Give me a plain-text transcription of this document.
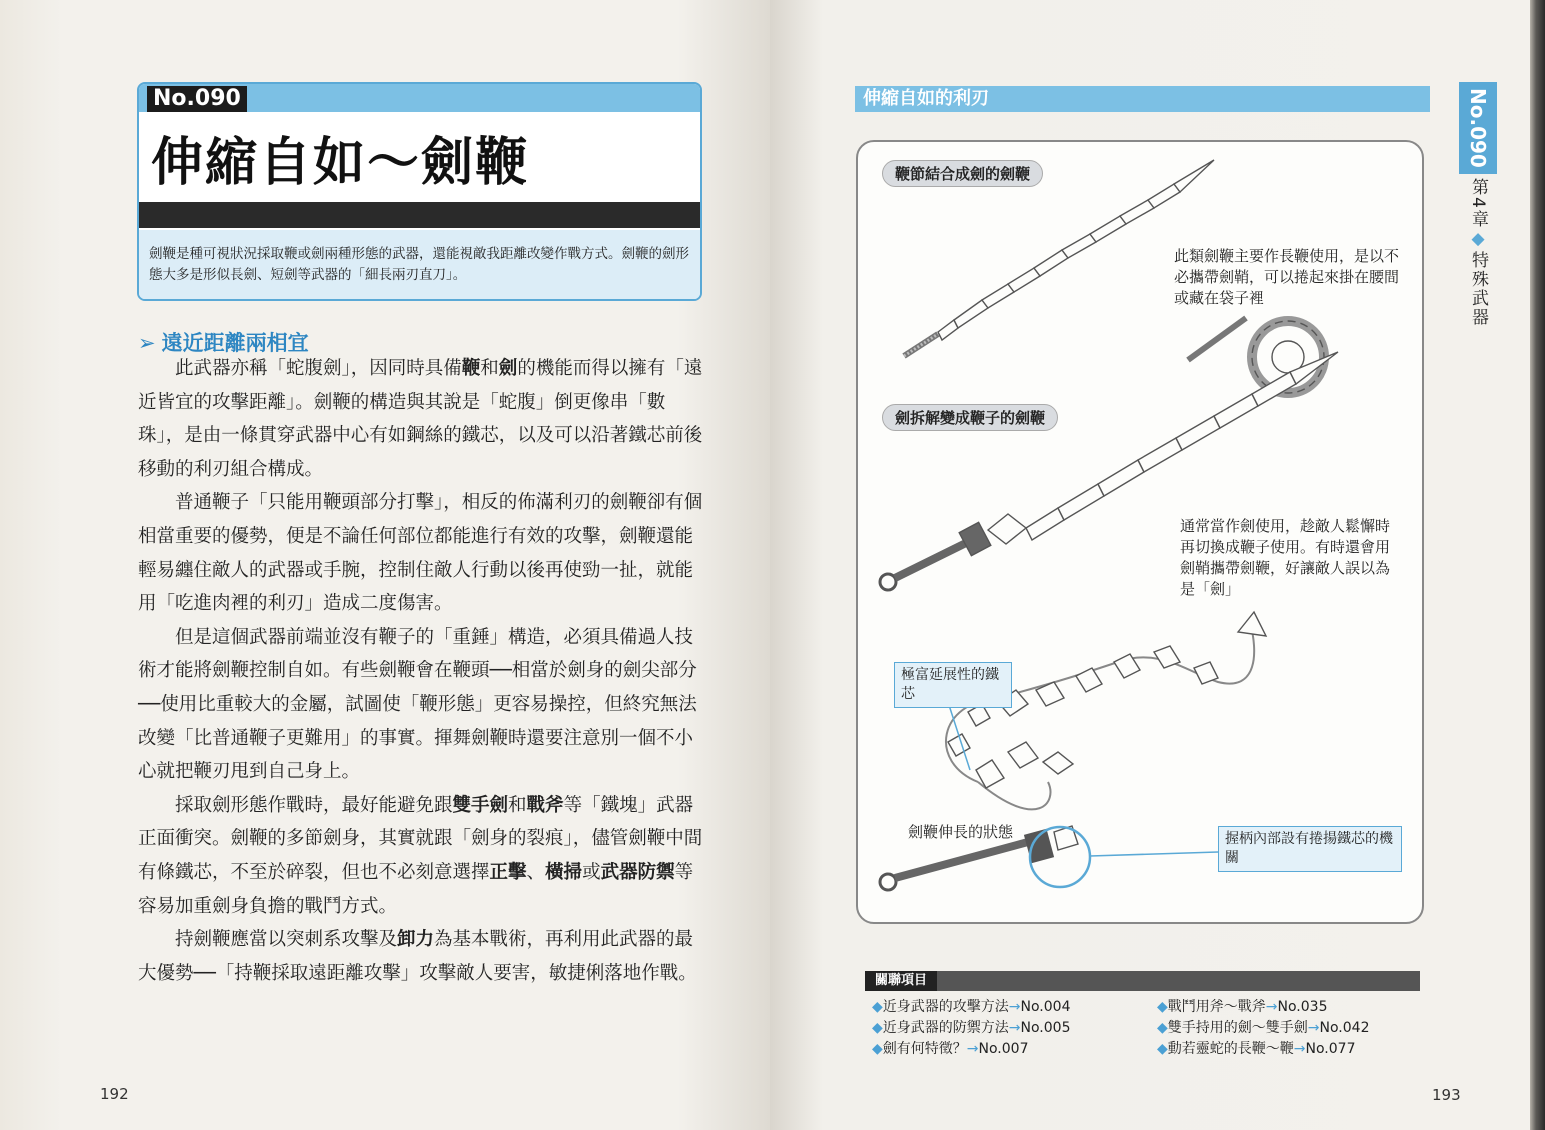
No.090
伸縮自如～劍鞭
劍鞭是種可視狀況採取鞭或劍兩種形態的武器，還能視敵我距離改變作戰方式。劍鞭的劍形態大多是形似長劍、短劍等武器的「細長兩刃直刀」。
➢ 遠近距離兩相宜

此武器亦稱「蛇腹劍」，因同時具備鞭和劍的機能而得以擁有「遠近皆宜的攻擊距離」。劍鞭的構造與其說是「蛇腹」倒更像串「數珠」，是由一條貫穿武器中心有如鋼絲的鐵芯，以及可以沿著鐵芯前後移動的利刃組合構成。

普通鞭子「只能用鞭頭部分打擊」，相反的佈滿利刃的劍鞭卻有個相當重要的優勢，便是不論任何部位都能進行有效的攻擊，劍鞭還能輕易纏住敵人的武器或手腕，控制住敵人行動以後再使勁一扯，就能用「吃進肉裡的利刃」造成二度傷害。

但是這個武器前端並沒有鞭子的「重錘」構造，必須具備過人技術才能將劍鞭控制自如。有些劍鞭會在鞭頭──相當於劍身的劍尖部分──使用比重較大的金屬，試圖使「鞭形態」更容易操控，但終究無法改變「比普通鞭子更難用」的事實。揮舞劍鞭時還要注意別一個不小心就把鞭刃甩到自己身上。

採取劍形態作戰時，最好能避免跟雙手劍和戰斧等「鐵塊」武器正面衝突。劍鞭的多節劍身，其實就跟「劍身的裂痕」，儘管劍鞭中間有條鐵芯，不至於碎裂，但也不必刻意選擇正擊、橫掃或武器防禦等容易加重劍身負擔的戰鬥方式。

持劍鞭應當以突刺系攻擊及卸力為基本戰術，再利用此武器的最大優勢──「持鞭採取遠距離攻擊」攻擊敵人要害，敏捷俐落地作戰。

192
伸縮自如的利刃	No.090
第4章◆特殊武器
鞭節結合成劍的劍鞭
此類劍鞭主要作長鞭使用，是以不必攜帶劍鞘，可以捲起來掛在腰間或藏在袋子裡
劍拆解變成鞭子的劍鞭
通常當作劍使用，趁敵人鬆懈時再切換成鞭子使用。有時還會用劍鞘攜帶劍鞭，好讓敵人誤以為是「劍」
極富延展性的鐵芯
劍鞭伸長的狀態	握柄內部設有捲揚鐵芯的機關
關聯項目
◆近身武器的攻擊方法→No.004
◆近身武器的防禦方法→No.005
◆劍有何特徵？→No.007
◆戰鬥用斧～戰斧→No.035
◆雙手持用的劍～雙手劍→No.042
◆動若靈蛇的長鞭～鞭→No.077
193
